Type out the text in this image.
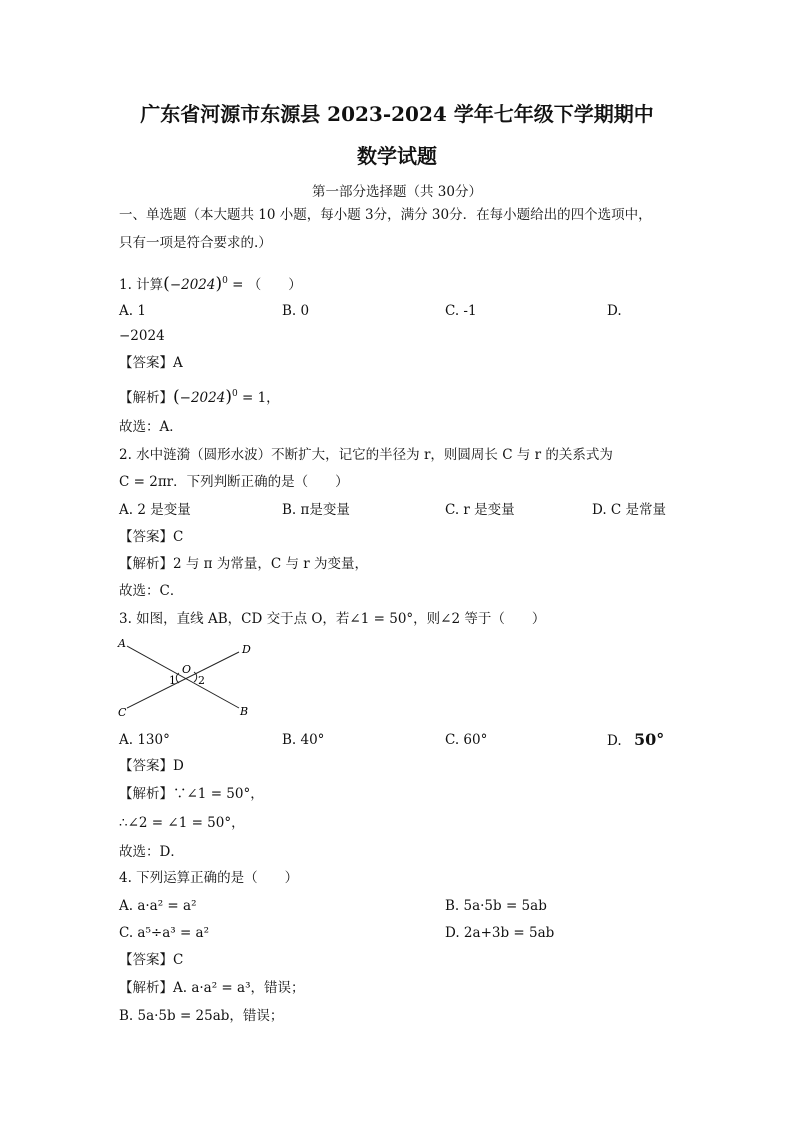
广东省河源市东源县 2023-2024 学年七年级下学期期中
数学试题
第一部分选择题（共 30分）
一、单选题（本大题共 10 小题，每小题 3分，满分 30分．在每小题给出的四个选项中，
只有一项是符合要求的.）
1. 计算$(-2024)^0$ = （　　）
A. 1	B. 0	C. -1	D.
−2024
【答案】A
【解析】$(-2024)^0 = 1$，
故选：A．
2. 水中涟漪（圆形水波）不断扩大，记它的半径为 r，则圆周长 C 与 r 的关系式为
C = 2πr．下列判断正确的是（　　）
A. 2 是变量	B. π是变量	C. r 是变量	D. C 是常量
【答案】C
【解析】2 与 π 为常量，C 与 r 为变量，
故选：C．
3. 如图，直线 AB，CD 交于点 O，若∠1 = 50°，则∠2 等于（　　）
A	D
O
1 2
C	B
A. 130°	B. 40°	C. 60°	D. 50°
【答案】D
【解析】∵∠1 = 50°，
∴∠2 = ∠1 = 50°，
故选：D．
4. 下列运算正确的是（　　）
A. a·a² = a²	B. 5a·5b = 5ab
C. a⁵÷a³ = a²	D. 2a+3b = 5ab
【答案】C
【解析】A. a·a² = a³，错误；
B. 5a·5b = 25ab，错误；
